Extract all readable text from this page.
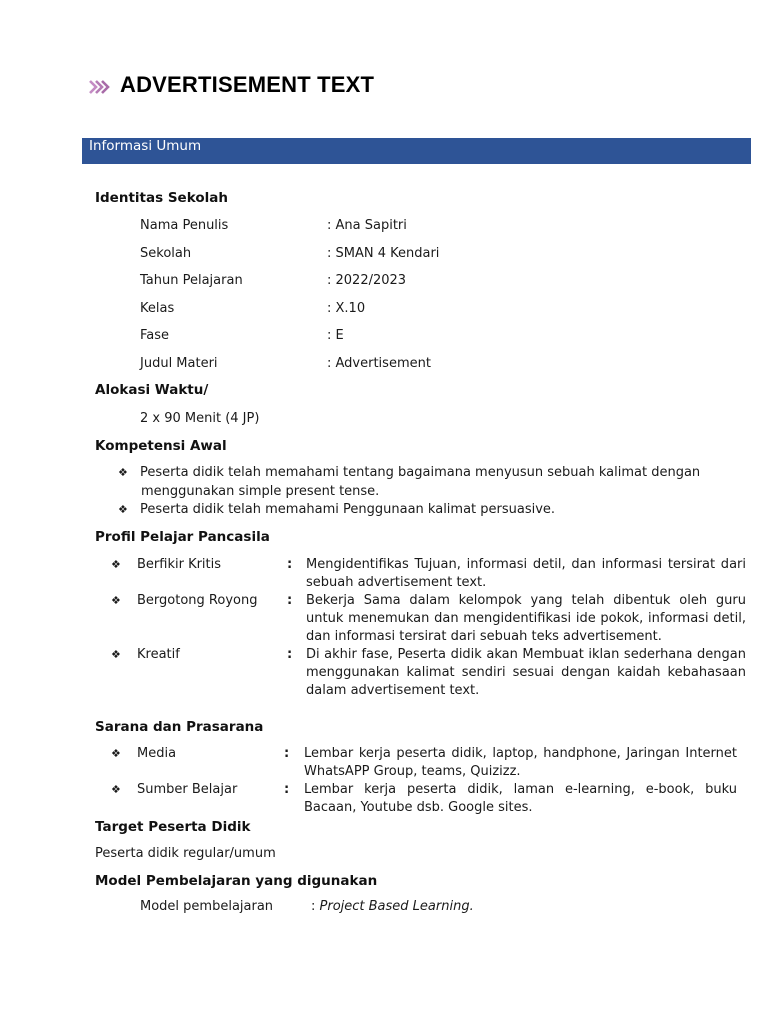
ADVERTISEMENT TEXT
Informasi Umum
Identitas Sekolah
Nama Penulis	: Ana Sapitri
Sekolah	: SMAN 4 Kendari
Tahun Pelajaran	: 2022/2023
Kelas	: X.10
Fase	: E
Judul Materi	: Advertisement
Alokasi Waktu/
2 x 90 Menit (4 JP)
Kompetensi Awal
❖ Peserta didik telah memahami tentang bagaimana menyusun sebuah kalimat dengan
menggunakan simple present tense.
❖ Peserta didik telah memahami Penggunaan kalimat persuasive.
Profil Pelajar Pancasila
❖ Berfikir Kritis	: Mengidentifikas Tujuan, informasi detil, dan informasi tersirat dari sebuah advertisement text.
❖ Bergotong Royong : Bekerja Sama dalam kelompok yang telah dibentuk oleh guru untuk menemukan dan mengidentifikasi ide pokok, informasi detil, dan informasi tersirat dari sebuah teks advertisement.
❖ Kreatif	: Di akhir fase, Peserta didik akan Membuat iklan sederhana dengan menggunakan kalimat sendiri sesuai dengan kaidah kebahasaan dalam advertisement text.
Sarana dan Prasarana
❖ Media	: Lembar kerja peserta didik, laptop, handphone, Jaringan Internet WhatsAPP Group, teams, Quizizz.
❖ Sumber Belajar	: Lembar kerja peserta didik, laman e-learning, e-book, buku Bacaan, Youtube dsb. Google sites.
Target Peserta Didik
Peserta didik regular/umum
Model Pembelajaran yang digunakan
Model pembelajaran	: Project Based Learning.
